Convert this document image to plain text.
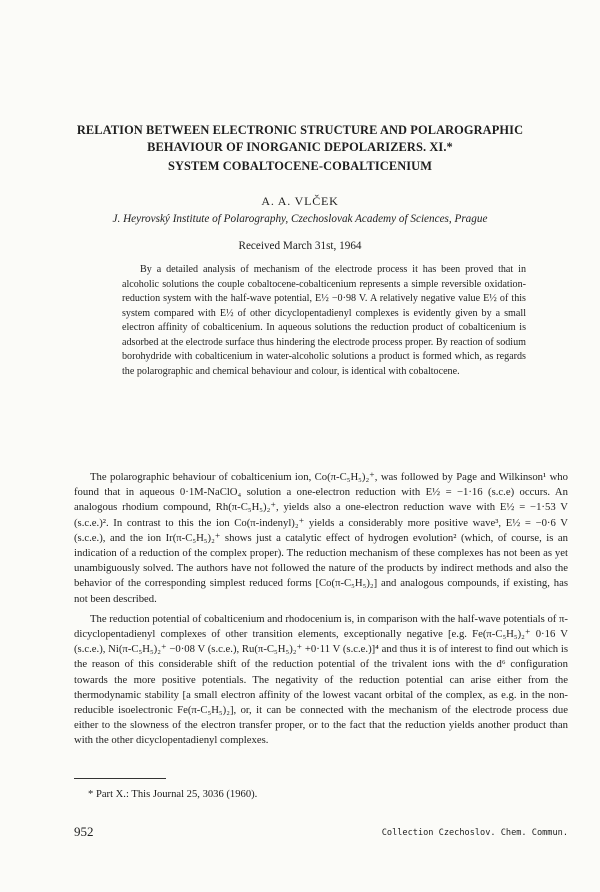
RELATION BETWEEN ELECTRONIC STRUCTURE AND POLAROGRAPHIC
BEHAVIOUR OF INORGANIC DEPOLARIZERS. XI.*
SYSTEM COBALTOCENE-COBALTICENIUM
A. A. VLČEK
J. Heyrovský Institute of Polarography, Czechoslovak Academy of Sciences, Prague
Received March 31st, 1964

By a detailed analysis of mechanism of the electrode process it has been proved that in alcoholic solutions the couple cobaltocene-cobalticenium represents a simple reversible oxidation-reduction system with the half-wave potential, E½ −0·98 V. A relatively negative value E½ of this system compared with E½ of other dicyclopentadienyl complexes is evidently given by a small electron affinity of cobalticenium. In aqueous solutions the reduction product of cobalticenium is adsorbed at the electrode surface thus hindering the electrode process proper. By reaction of sodium borohydride with cobalticenium in water-alcoholic solutions a product is formed which, as regards the polarographic and chemical behaviour and colour, is identical with cobaltocene.

The polarographic behaviour of cobalticenium ion, Co(π-C₅H₅)₂⁺, was followed by Page and Wilkinson¹ who found that in aqueous 0·1M-NaClO₄ solution a one-electron reduction with E½ = −1·16 (s.c.e) occurs. An analogous rhodium compound, Rh(π-C₅H₅)₂⁺, yields also a one-electron reduction wave with E½ = −1·53 V (s.c.e.)². In contrast to this the ion Co(π-indenyl)₂⁺ yields a considerably more positive wave³, E½ = −0·6 V (s.c.e.), and the ion Ir(π-C₅H₅)₂⁺ shows just a catalytic effect of hydrogen evolution² (which, of course, is an indication of a reduction of the complex proper). The reduction mechanism of these complexes has not been as yet unambiguously solved. The authors have not followed the nature of the products by indirect methods and also the behavior of the corresponding simplest reduced forms [Co(π-C₅H₅)₂] and analogous compounds, if existing, has not been described.

The reduction potential of cobalticenium and rhodocenium is, in comparison with the half-wave potentials of π-dicyclopentadienyl complexes of other transition elements, exceptionally negative [e.g. Fe(π-C₅H₅)₂⁺ 0·16 V (s.c.e.), Ni(π-C₅H₅)₂⁺ −0·08 V (s.c.e.), Ru(π-C₅H₅)₂⁺ +0·11 V (s.c.e.)]⁴ and thus it is of interest to find out which is the reason of this considerable shift of the reduction potential of the trivalent ions with the d⁶ configuration towards the more positive potentials. The negativity of the reduction potential can arise either from the thermodynamic stability [a small electron affinity of the lowest vacant orbital of the complex, as e.g. in the non-reducible isoelectronic Fe(π-C₅H₅)₂], or, it can be connected with the mechanism of the electrode process due either to the slowness of the electron transfer proper, or to the fact that the reduction yields another product than with the other dicyclopentadienyl complexes.

* Part X.: This Journal 25, 3036 (1960).
952	Collection Czechoslov. Chem. Commun.
